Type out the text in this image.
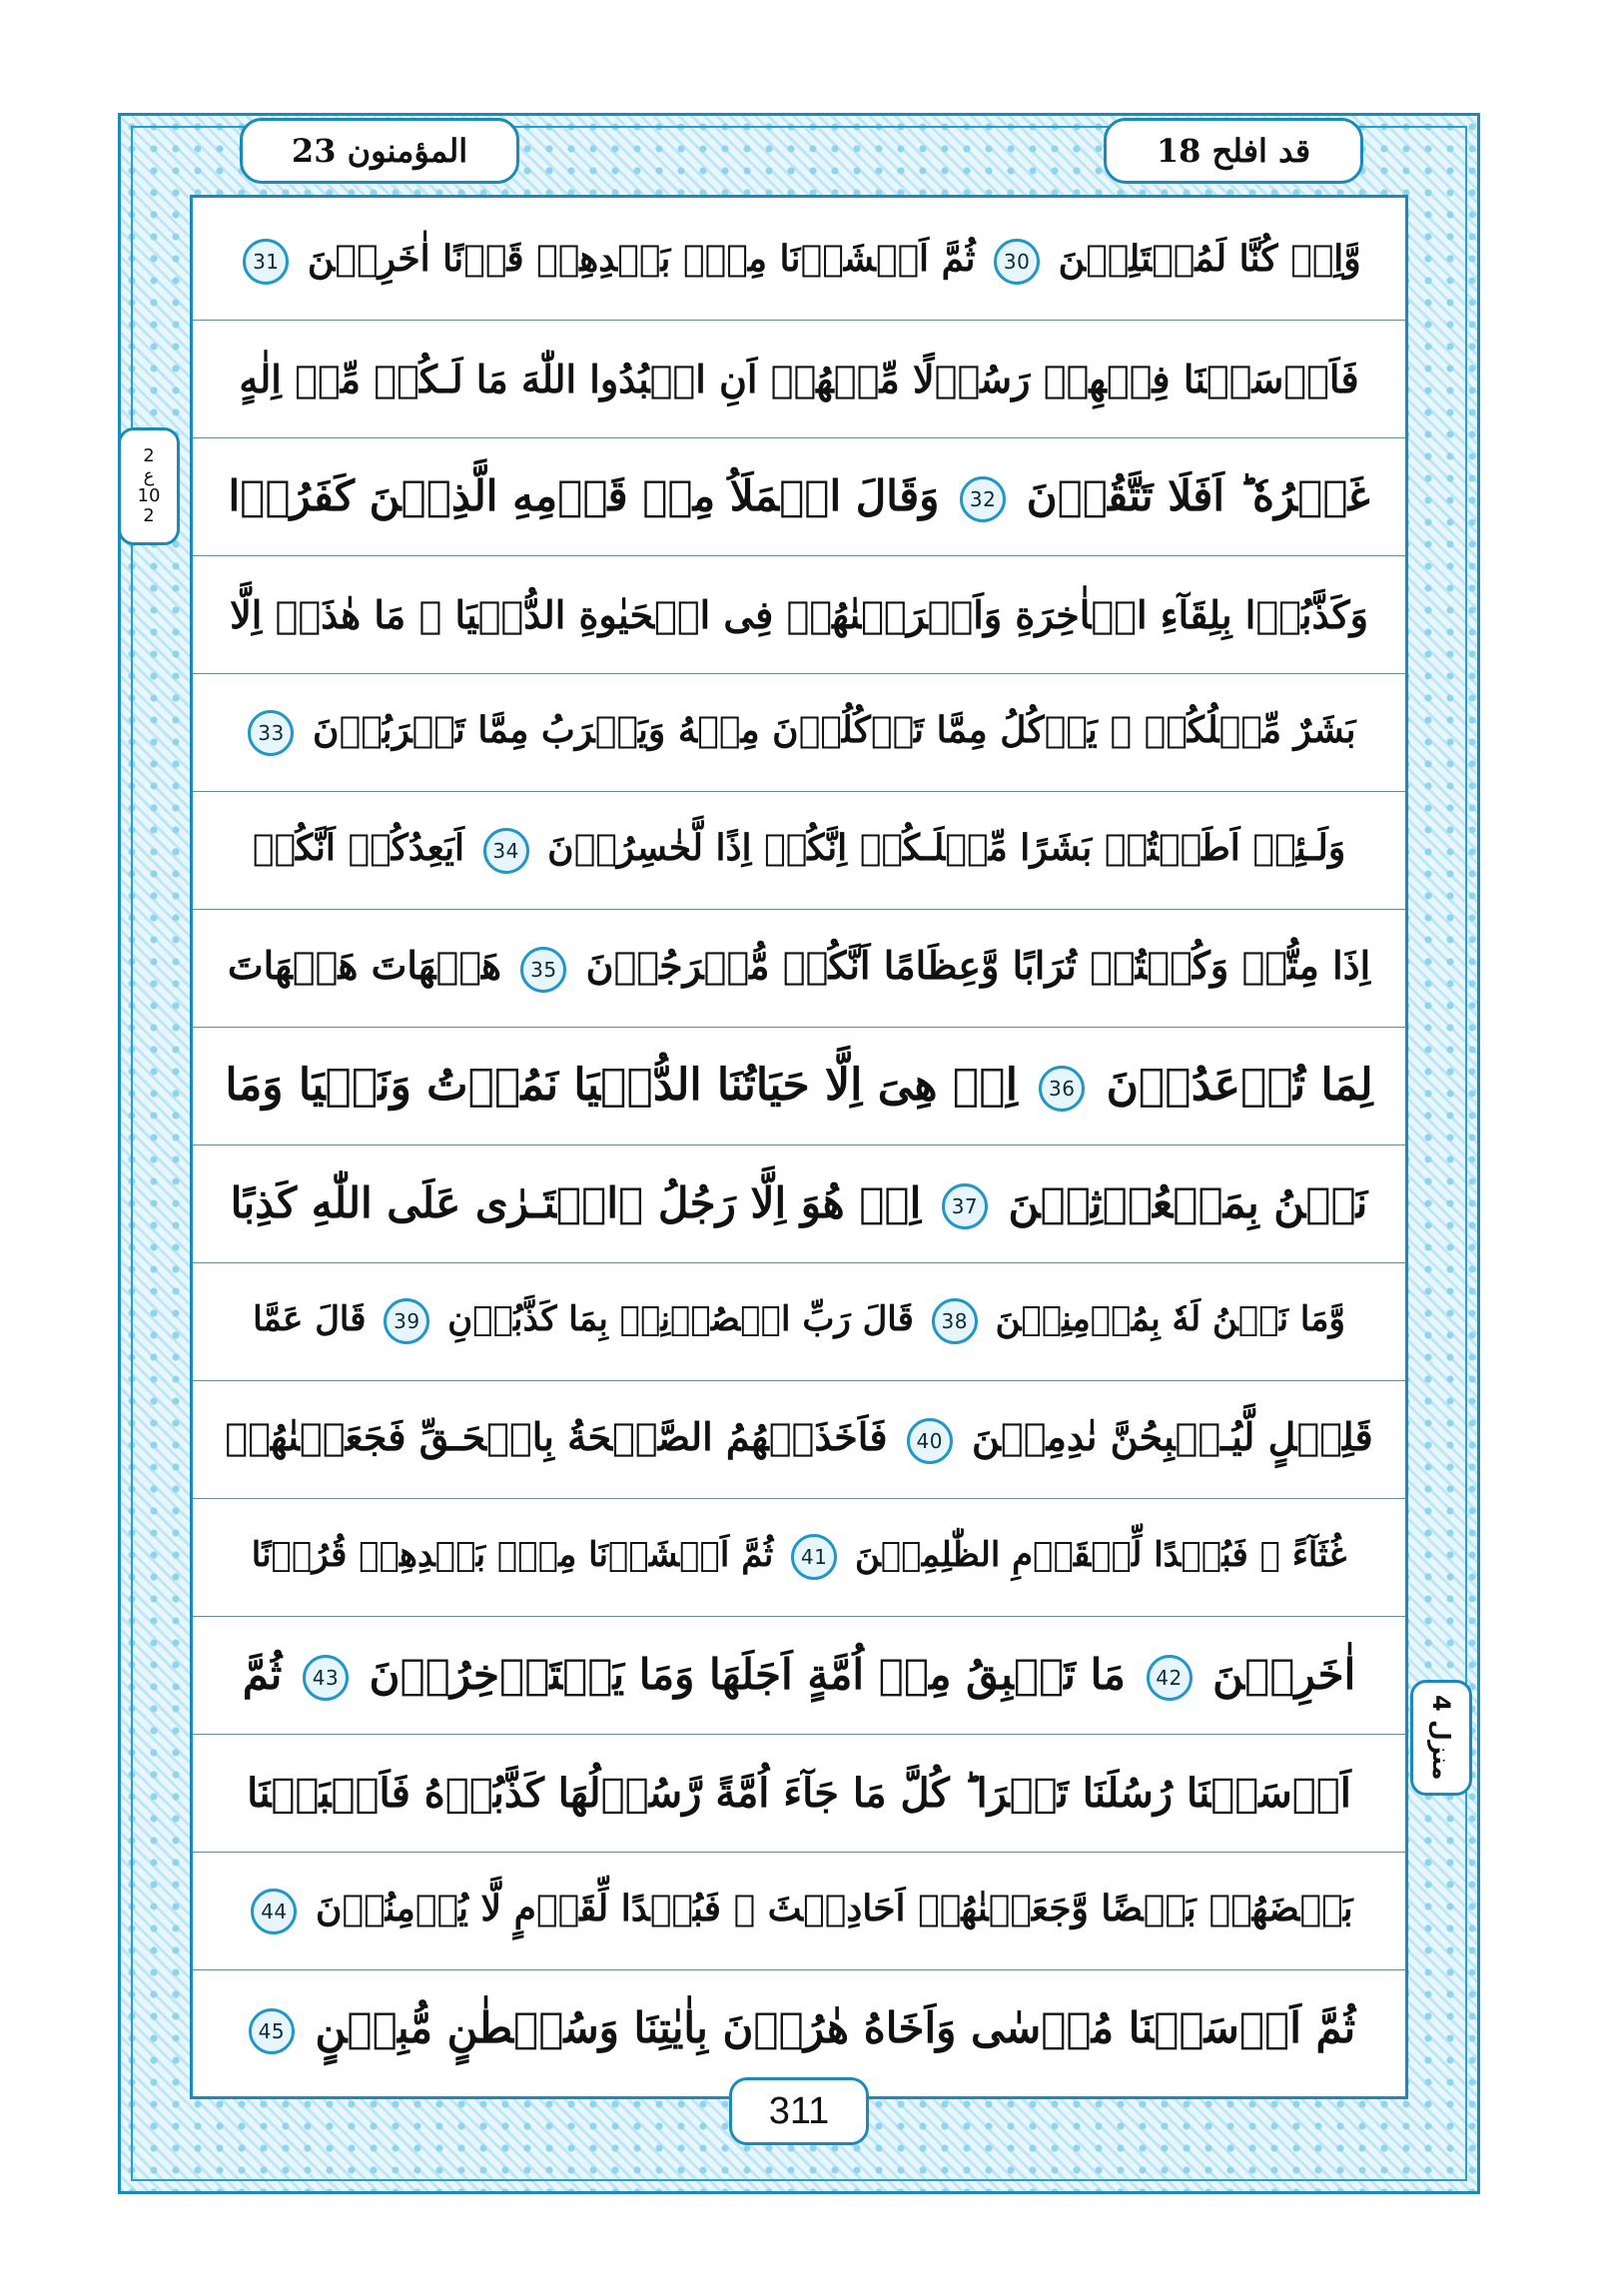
المؤمنون 23	قد افلح 18
2
ع
10
2
منزل 4
وَّاِنۡ كُنَّا لَمُبۡتَلِيۡنَ 30 ثُمَّ اَنۡشَاۡنَا مِنۡۢ بَعۡدِهِمۡ قَرۡنًا اٰخَرِيۡنَ 31
فَاَرۡسَلۡنَا فِيۡهِمۡ رَسُوۡلًا مِّنۡهُمۡ اَنِ اعۡبُدُوا اللّٰهَ مَا لَـكُمۡ مِّنۡ اِلٰهٍ
غَيۡرُهٗ ؕ اَفَلَا تَتَّقُوۡنَ 32 وَقَالَ الۡمَلَاُ مِنۡ قَوۡمِهِ الَّذِيۡنَ كَفَرُوۡا
وَكَذَّبُوۡا بِلِقَآءِ الۡاٰخِرَةِ وَاَتۡرَفۡنٰهُمۡ فِى الۡحَيٰوةِ الدُّنۡيَا ۙ مَا هٰذَاۤ اِلَّا
بَشَرٌ مِّثۡلُكُمۡ ۙ يَاۡكُلُ مِمَّا تَاۡكُلُوۡنَ مِنۡهُ وَيَشۡرَبُ مِمَّا تَشۡرَبُوۡنَ 33
وَلَـئِنۡ اَطَعۡتُمۡ بَشَرًا مِّثۡلَـكُمۡ اِنَّكُمۡ اِذًا لَّخٰسِرُوۡنَ 34 اَيَعِدُكُمۡ اَنَّكُمۡ
اِذَا مِتُّمۡ وَكُنۡتُمۡ تُرَابًا وَّعِظَامًا اَنَّكُمۡ مُّخۡرَجُوۡنَ 35 هَيۡهَاتَ هَيۡهَاتَ
لِمَا تُوۡعَدُوۡنَ 36 اِنۡ هِىَ اِلَّا حَيَاتُنَا الدُّنۡيَا نَمُوۡتُ وَنَحۡيَا وَمَا
نَحۡنُ بِمَبۡعُوۡثِيۡنَ 37 اِنۡ هُوَ اِلَّا رَجُلُ ۨافۡتَـرٰى عَلَى اللّٰهِ كَذِبًا
وَّمَا نَحۡنُ لَهٗ بِمُؤۡمِنِيۡنَ 38 قَالَ رَبِّ انۡصُرۡنِىۡ بِمَا كَذَّبُوۡنِ 39 قَالَ عَمَّا
قَلِيۡلٍ لَّيُـصۡبِحُنَّ نٰدِمِيۡنَ 40 فَاَخَذَتۡهُمُ الصَّيۡحَةُ بِالۡحَـقِّ فَجَعَلۡنٰهُمۡ
غُثَآءً ۚ فَبُعۡدًا لِّلۡقَوۡمِ الظّٰلِمِيۡنَ 41 ثُمَّ اَنۡشَاۡنَا مِنۡۢ بَعۡدِهِمۡ قُرُوۡنًا
اٰخَرِيۡنَ 42 مَا تَسۡبِقُ مِنۡ اُمَّةٍ اَجَلَهَا وَمَا يَسۡتَاۡخِرُوۡنَ 43 ثُمَّ
اَرۡسَلۡنَا رُسُلَنَا تَتۡرَا ؕ كُلَّ مَا جَآءَ اُمَّةً رَّسُوۡلُهَا كَذَّبُوۡهُ فَاَتۡبَعۡنَا
بَعۡضَهُمۡ بَعۡضًا وَّجَعَلۡنٰهُمۡ اَحَادِيۡثَ ۚ فَبُعۡدًا لِّقَوۡمٍ لَّا يُؤۡمِنُوۡنَ 44
ثُمَّ اَرۡسَلۡنَا مُوۡسٰى وَاَخَاهُ هٰرُوۡنَ بِاٰيٰتِنَا وَسُلۡطٰنٍ مُّبِيۡنٍ 45
311
